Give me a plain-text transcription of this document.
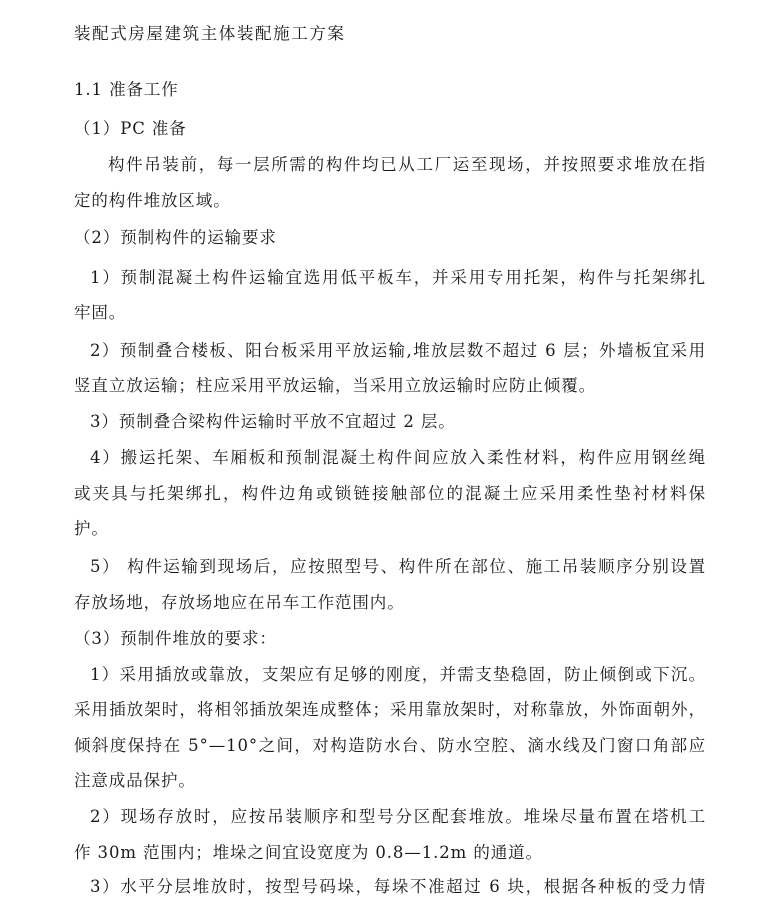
装配式房屋建筑主体装配施工方案
1.1 准备工作
（1）PC 准备
构件吊装前，每一层所需的构件均已从工厂运至现场，并按照要求堆放在指
定的构件堆放区域。
（2）预制构件的运输要求
1）预制混凝土构件运输宜选用低平板车，并采用专用托架，构件与托架绑扎
牢固。
2）预制叠合楼板、阳台板采用平放运输,堆放层数不超过 6 层；外墙板宜采用
竖直立放运输；柱应采用平放运输，当采用立放运输时应防止倾覆。
3）预制叠合梁构件运输时平放不宜超过 2 层。
4）搬运托架、车厢板和预制混凝土构件间应放入柔性材料，构件应用钢丝绳
或夹具与托架绑扎，构件边角或锁链接触部位的混凝土应采用柔性垫衬材料保
护。
5） 构件运输到现场后，应按照型号、构件所在部位、施工吊装顺序分别设置
存放场地，存放场地应在吊车工作范围内。
（3）预制件堆放的要求：
1）采用插放或靠放，支架应有足够的刚度，并需支垫稳固，防止倾倒或下沉。
采用插放架时，将相邻插放架连成整体；采用靠放架时，对称靠放，外饰面朝外，
倾斜度保持在 5°—10°之间，对构造防水台、防水空腔、滴水线及门窗口角部应
注意成品保护。
2）现场存放时，应按吊装顺序和型号分区配套堆放。堆垛尽量布置在塔机工
作 30m 范围内；堆垛之间宜设宽度为 0.8—1.2m 的通道。
3）水平分层堆放时，按型号码垛，每垛不准超过 6 块，根据各种板的受力情
